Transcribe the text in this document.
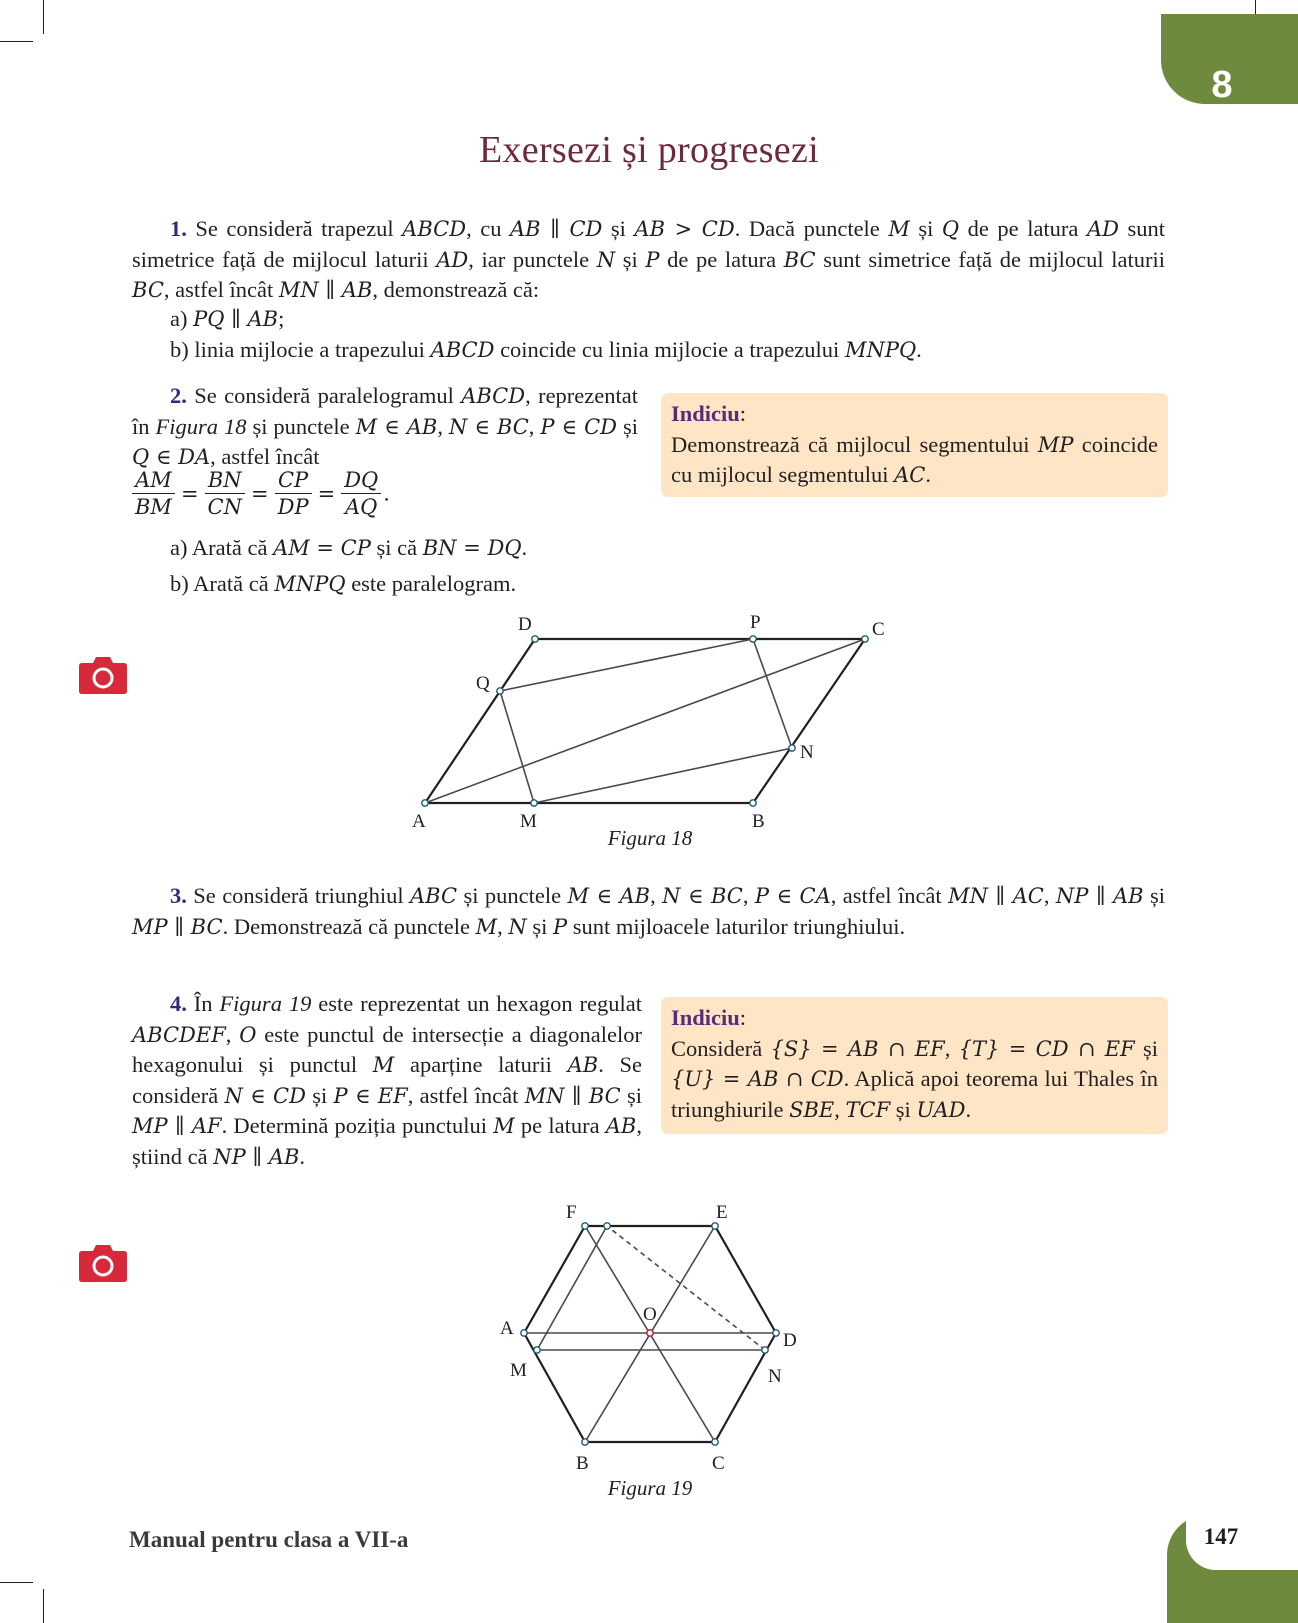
8
Exersezi și progresezi
1. Se consideră trapezul ABCD, cu AB ∥ CD și AB > CD. Dacă punctele M și Q de pe latura AD sunt simetrice față de mijlocul laturii AD, iar punctele N și P de pe latura BC sunt simetrice față de mijlocul laturii BC, astfel încât MN ∥ AB, demonstrează că:
a) PQ ∥ AB;
b) linia mijlocie a trapezului ABCD coincide cu linia mijlocie a trapezului MNPQ.
2. Se consideră paralelogramul ABCD, reprezentat în Figura 18 și punctele M ∈ AB, N ∈ BC, P ∈ CD și Q ∈ DA, astfel încât
$\frac{AM}{BM} = \frac{BN}{CN} = \frac{CP}{DP} = \frac{DQ}{AQ}$ .
a) Arată că AM = CP și că BN = DQ.
b) Arată că MNPQ este paralelogram.
Indiciu:
Demonstrează că mijlocul segmentului MP coincide cu mijlocul segmentului AC.
A	M	B
N
C
P
D
Q
Figura 18
3. Se consideră triunghiul ABC și punctele M ∈ AB, N ∈ BC, P ∈ CA, astfel încât MN ∥ AC, NP ∥ AB și MP ∥ BC. Demonstrează că punctele M, N și P sunt mijloacele laturilor triunghiului.
4. În Figura 19 este reprezentat un hexagon regulat ABCDEF, O este punctul de intersecție a diagonalelor hexagonului și punctul M aparține laturii AB. Se consideră N ∈ CD și P ∈ EF, astfel încât MN ∥ BC și MP ∥ AF. Determină poziția punctului M pe latura AB, știind că NP ∥ AB.
Indiciu:
Consideră {S} = AB ∩ EF, {T} = CD ∩ EF și {U} = AB ∩ CD. Aplică apoi teorema lui Thales în triunghiurile SBE, TCF și UAD.
A
M
B	C
D
N
E
F
O
Figura 19
Manual pentru clasa a VII-a	147
